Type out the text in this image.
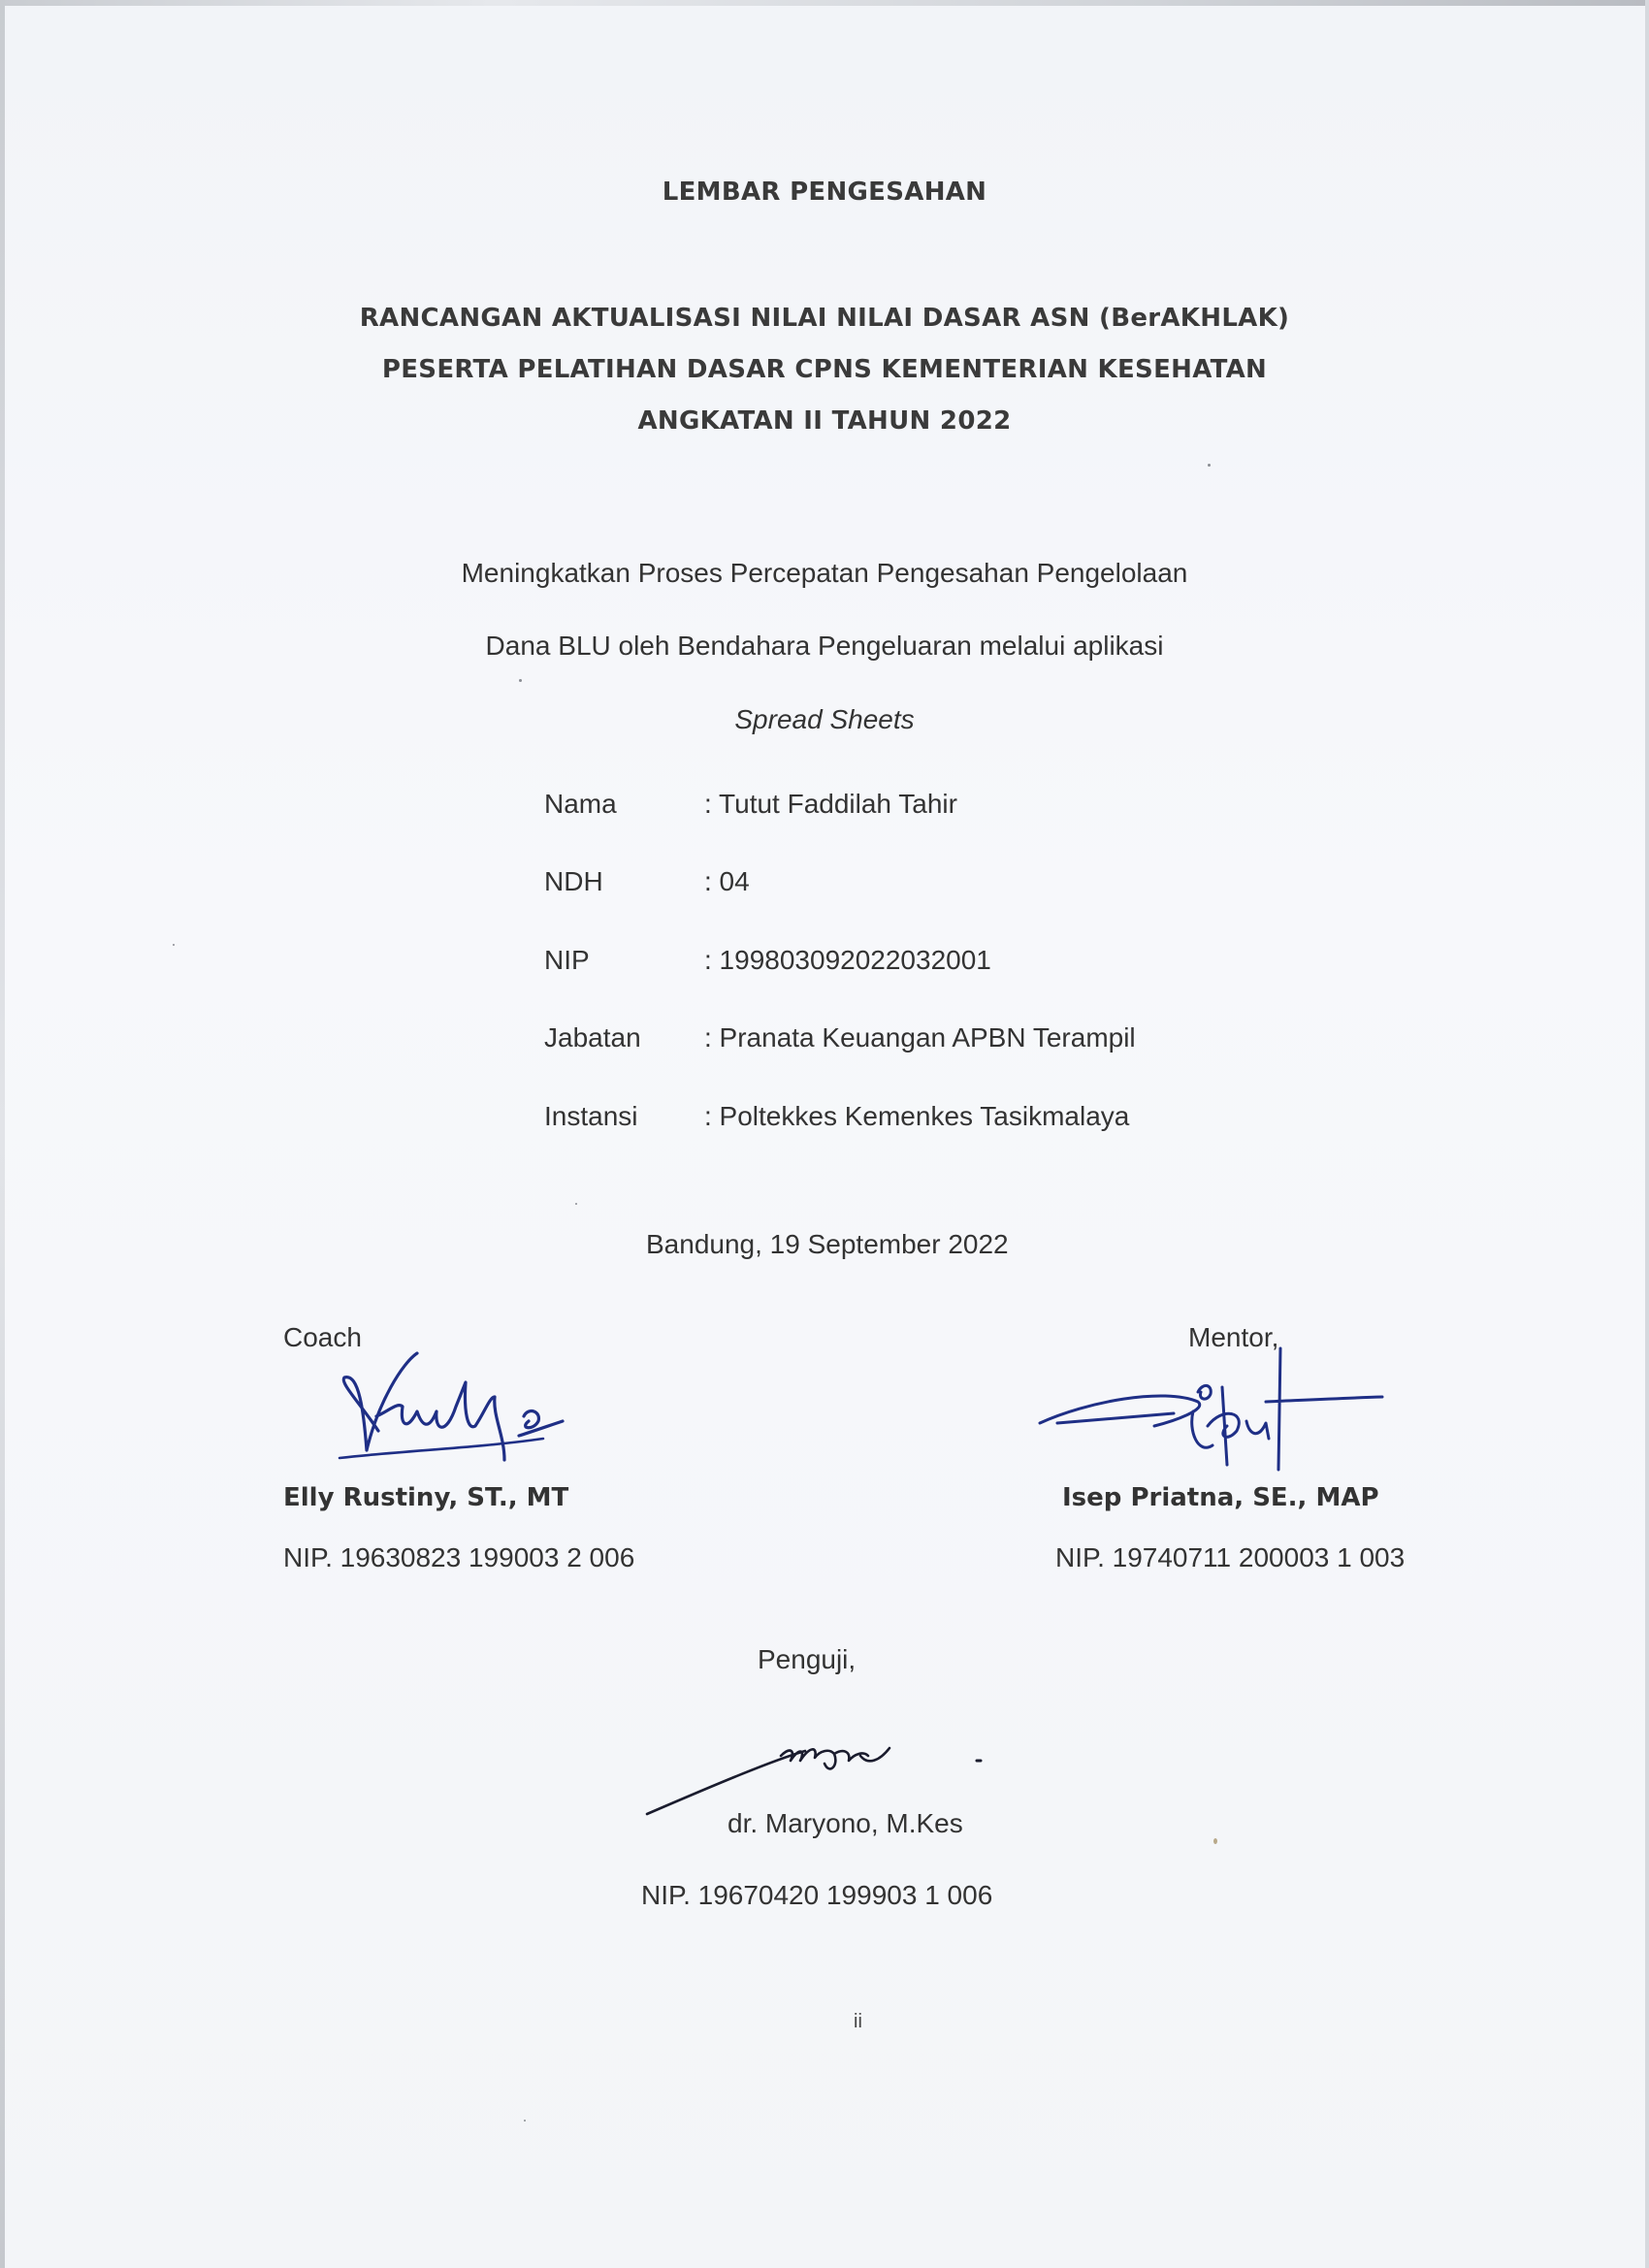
LEMBAR PENGESAHAN
RANCANGAN AKTUALISASI NILAI NILAI DASAR ASN (BerAKHLAK)
PESERTA PELATIHAN DASAR CPNS KEMENTERIAN KESEHATAN
ANGKATAN II TAHUN 2022
Meningkatkan Proses Percepatan Pengesahan Pengelolaan
Dana BLU oleh Bendahara Pengeluaran melalui aplikasi
Spread Sheets
Nama	: Tutut Faddilah Tahir
NDH	: 04
NIP	: 199803092022032001
Jabatan : Pranata Keuangan APBN Terampil
Instansi : Poltekkes Kemenkes Tasikmalaya
Bandung, 19 September 2022
Coach
Elly Rustiny, ST., MT
NIP. 19630823 199003 2 006
Mentor,
Isep Priatna, SE., MAP
NIP. 19740711 200003 1 003
Penguji,
dr. Maryono, M.Kes
NIP. 19670420 199903 1 006
ii
